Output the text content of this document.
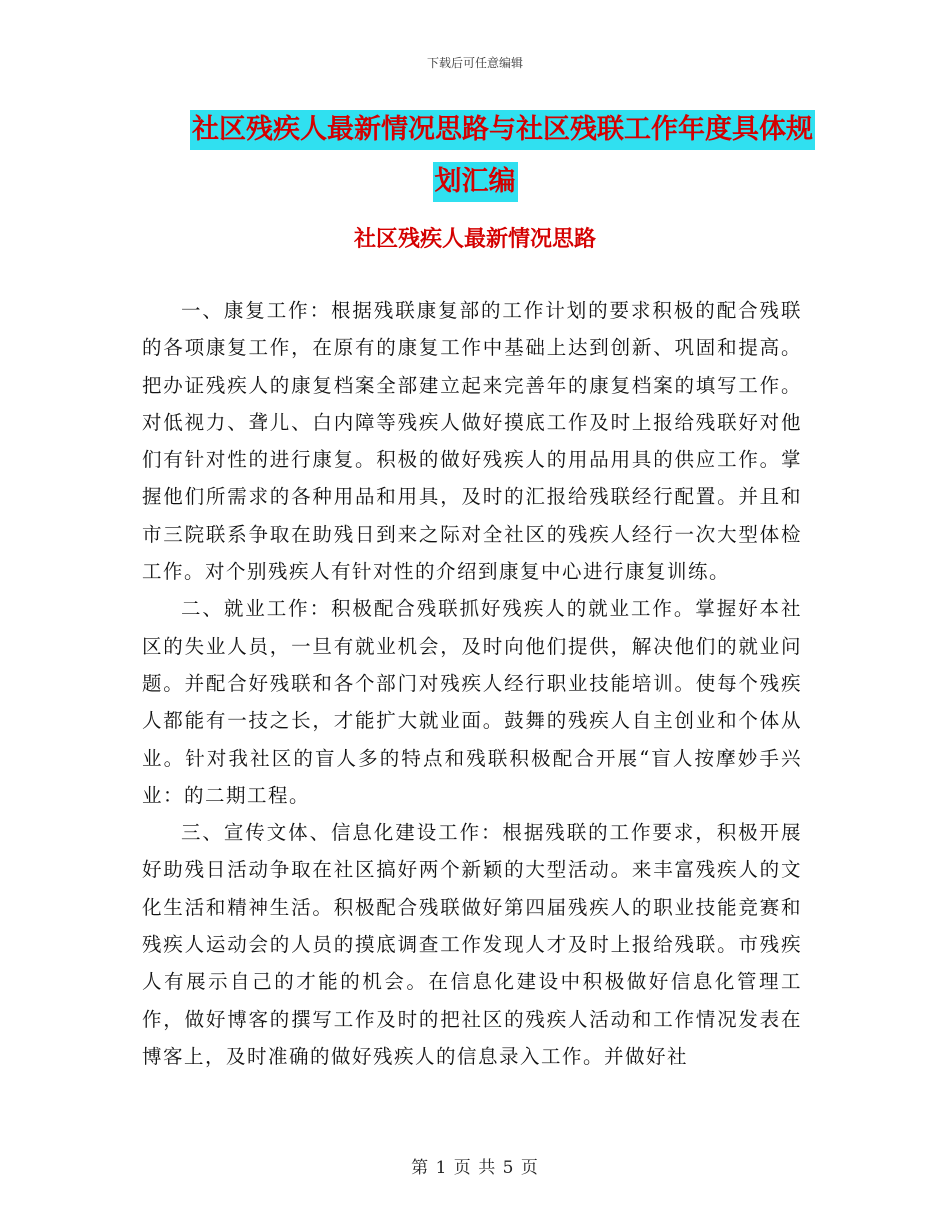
下载后可任意编辑
社区残疾人最新情况思路与社区残联工作年度具体规
划汇编
社区残疾人最新情况思路

一、康复工作：根据残联康复部的工作计划的要求积极的配合残联的各项康复工作，在原有的康复工作中基础上达到创新、巩固和提高。把办证残疾人的康复档案全部建立起来完善年的康复档案的填写工作。对低视力、聋儿、白内障等残疾人做好摸底工作及时上报给残联好对他们有针对性的进行康复。积极的做好残疾人的用品用具的供应工作。掌握他们所需求的各种用品和用具，及时的汇报给残联经行配置。并且和市三院联系争取在助残日到来之际对全社区的残疾人经行一次大型体检工作。对个别残疾人有针对性的介绍到康复中心进行康复训练。

二、就业工作：积极配合残联抓好残疾人的就业工作。掌握好本社区的失业人员，一旦有就业机会，及时向他们提供，解决他们的就业问题。并配合好残联和各个部门对残疾人经行职业技能培训。使每个残疾人都能有一技之长，才能扩大就业面。鼓舞的残疾人自主创业和个体从业。针对我社区的盲人多的特点和残联积极配合开展“盲人按摩妙手兴业：的二期工程。

三、宣传文体、信息化建设工作：根据残联的工作要求，积极开展好助残日活动争取在社区搞好两个新颖的大型活动。来丰富残疾人的文化生活和精神生活。积极配合残联做好第四届残疾人的职业技能竞赛和残疾人运动会的人员的摸底调查工作发现人才及时上报给残联。市残疾人有展示自己的才能的机会。在信息化建设中积极做好信息化管理工作，做好博客的撰写工作及时的把社区的残疾人活动和工作情况发表在博客上，及时准确的做好残疾人的信息录入工作。并做好社

第 1 页 共 5 页
